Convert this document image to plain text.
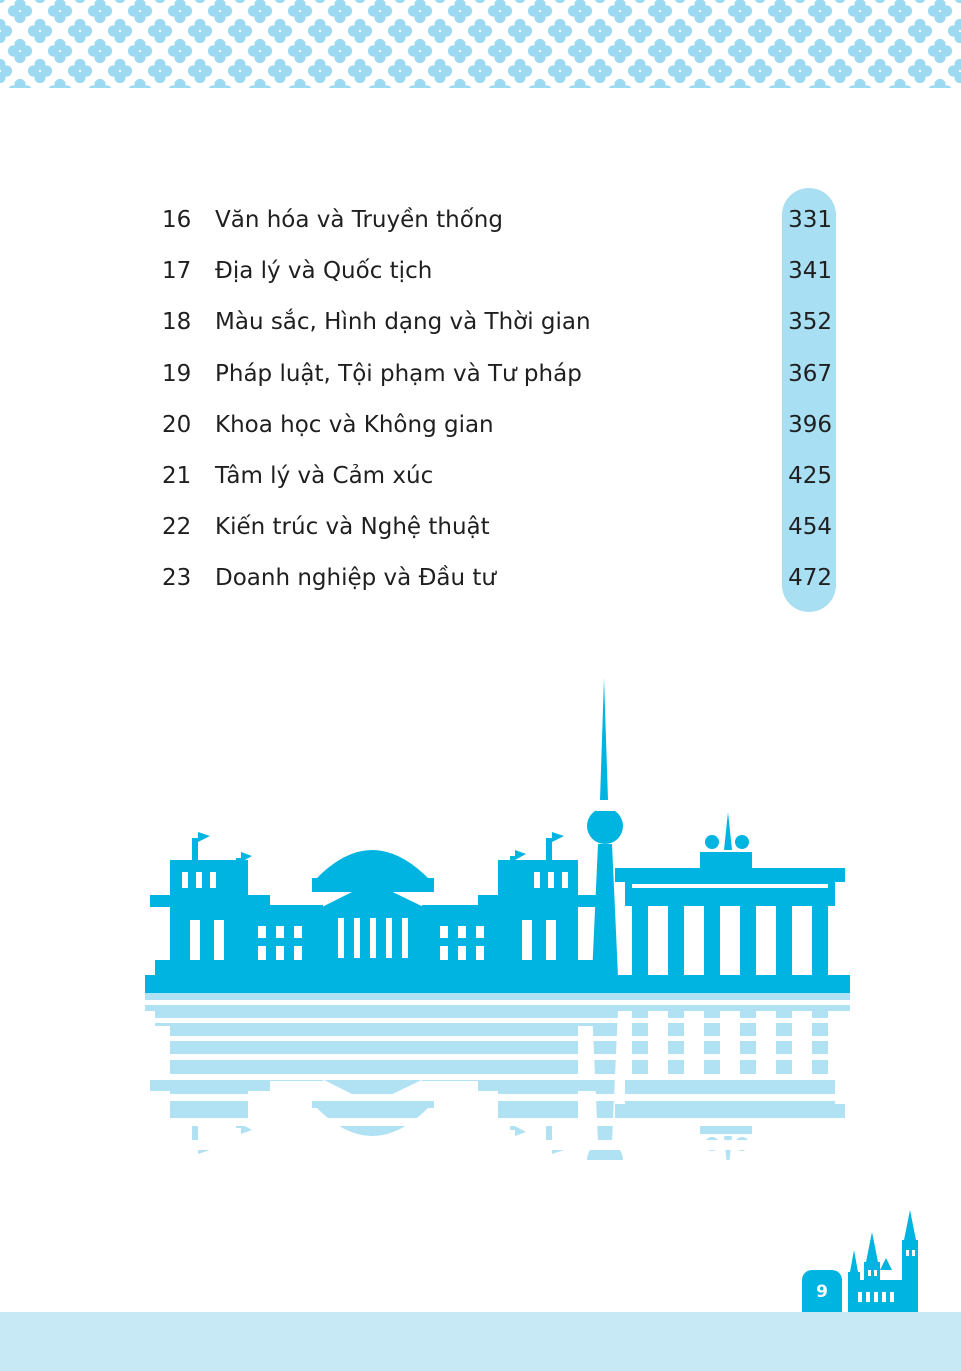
16 Văn hóa và Truyền thống	331
17 Địa lý và Quốc tịch	341
18 Màu sắc, Hình dạng và Thời gian	352
19 Pháp luật, Tội phạm và Tư pháp	367
20 Khoa học và Không gian	396
21 Tâm lý và Cảm xúc	425
22 Kiến trúc và Nghệ thuật	454
23 Doanh nghiệp và Đầu tư	472
9
